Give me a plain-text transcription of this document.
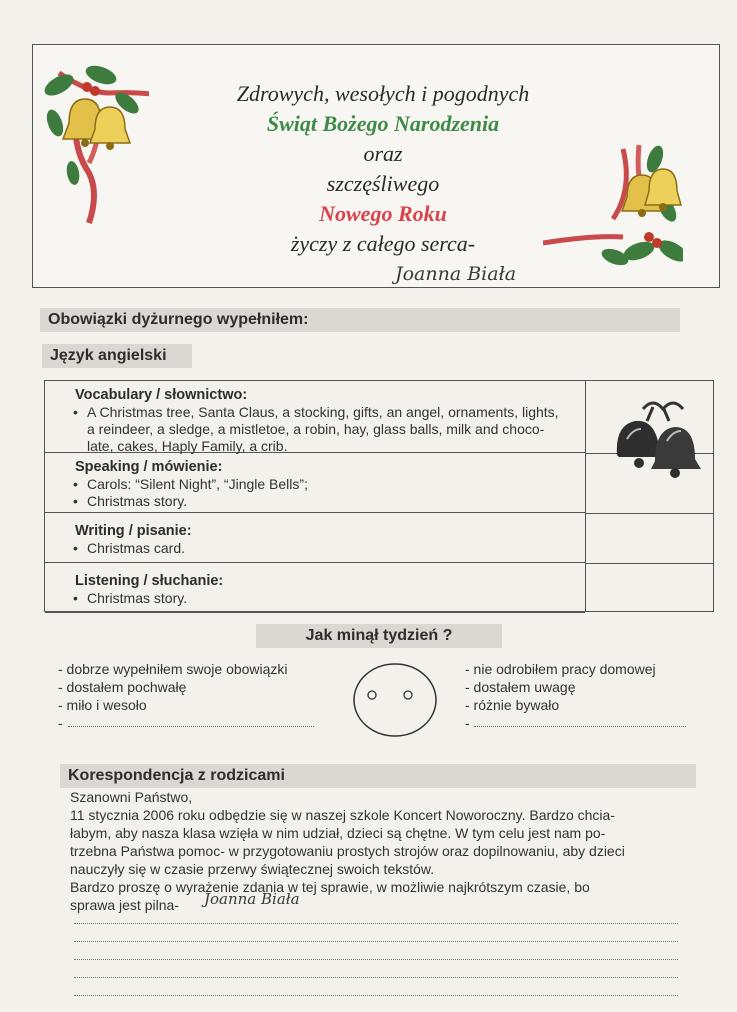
Zdrowych, wesołych i pogodnych
Świąt Bożego Narodzenia
oraz
szczęśliwego
Nowego Roku
życzy z całego serca-
Joanna Biała
Obowiązki dyżurnego wypełniłem:
Język angielski
Vocabulary / słownictwo:
• A Christmas tree, Santa Claus, a stocking, gifts, an angel, ornaments, lights,
a reindeer, a sledge, a mistletoe, a robin, hay, glass balls, milk and choco-
late, cakes, Haply Family, a crib.
Speaking / mówienie:
• Carols: “Silent Night”, “Jingle Bells”;
• Christmas story.
Writing / pisanie:
• Christmas card.
Listening / słuchanie:
• Christmas story.
Jak minął tydzień ?
- dobrze wypełniłem swoje obowiązki
- dostałem pochwałę
- miło i wesoło
-
- nie odrobiłem pracy domowej
- dostałem uwagę
- różnie bywało
-
Korespondencja z rodzicami
Szanowni Państwo,
11 stycznia 2006 roku odbędzie się w naszej szkole Koncert Noworoczny. Bardzo chcia-
łabym, aby nasza klasa wzięła w nim udział, dzieci są chętne. W tym celu jest nam po-
trzebna Państwa pomoc- w przygotowaniu prostych strojów oraz dopilnowaniu, aby dzieci
nauczyły się w czasie przerwy świątecznej swoich tekstów.
Bardzo proszę o wyrażenie zdania w tej sprawie, w możliwie najkrótszym czasie, bo
sprawa jest pilna-	Joanna Biała
